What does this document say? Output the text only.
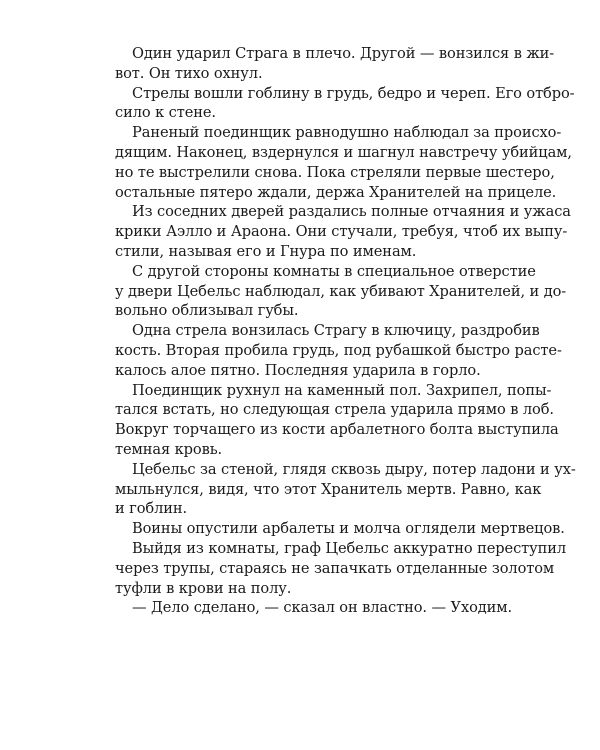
Один ударил Страга в плечо. Другой — вонзился в жи-
вот. Он тихо охнул.
Стрелы вошли гоблину в грудь, бедро и череп. Его отбро-
сило к стене.
Раненый поединщик равнодушно наблюдал за происхо-
дящим. Наконец, вздернулся и шагнул навстречу убийцам,
но те выстрелили снова. Пока стреляли первые шестеро,
остальные пятеро ждали, держа Хранителей на прицеле.
Из соседних дверей раздались полные отчаяния и ужаса
крики Аэлло и Араона. Они стучали, требуя, чтоб их выпу-
стили, называя его и Гнура по именам.
С другой стороны комнаты в специальное отверстие
у двери Цебельс наблюдал, как убивают Хранителей, и до-
вольно облизывал губы.
Одна стрела вонзилась Страгу в ключицу, раздробив
кость. Вторая пробила грудь, под рубашкой быстро расте-
калось алое пятно. Последняя ударила в горло.
Поединщик рухнул на каменный пол. Захрипел, попы-
тался встать, но следующая стрела ударила прямо в лоб.
Вокруг торчащего из кости арбалетного болта выступила
темная кровь.
Цебельс за стеной, глядя сквозь дыру, потер ладони и ух-
мыльнулся, видя, что этот Хранитель мертв. Равно, как
и гоблин.
Воины опустили арбалеты и молча оглядели мертвецов.
Выйдя из комнаты, граф Цебельс аккуратно переступил
через трупы, стараясь не запачкать отделанные золотом
туфли в крови на полу.
— Дело сделано, — сказал он властно. — Уходим.
